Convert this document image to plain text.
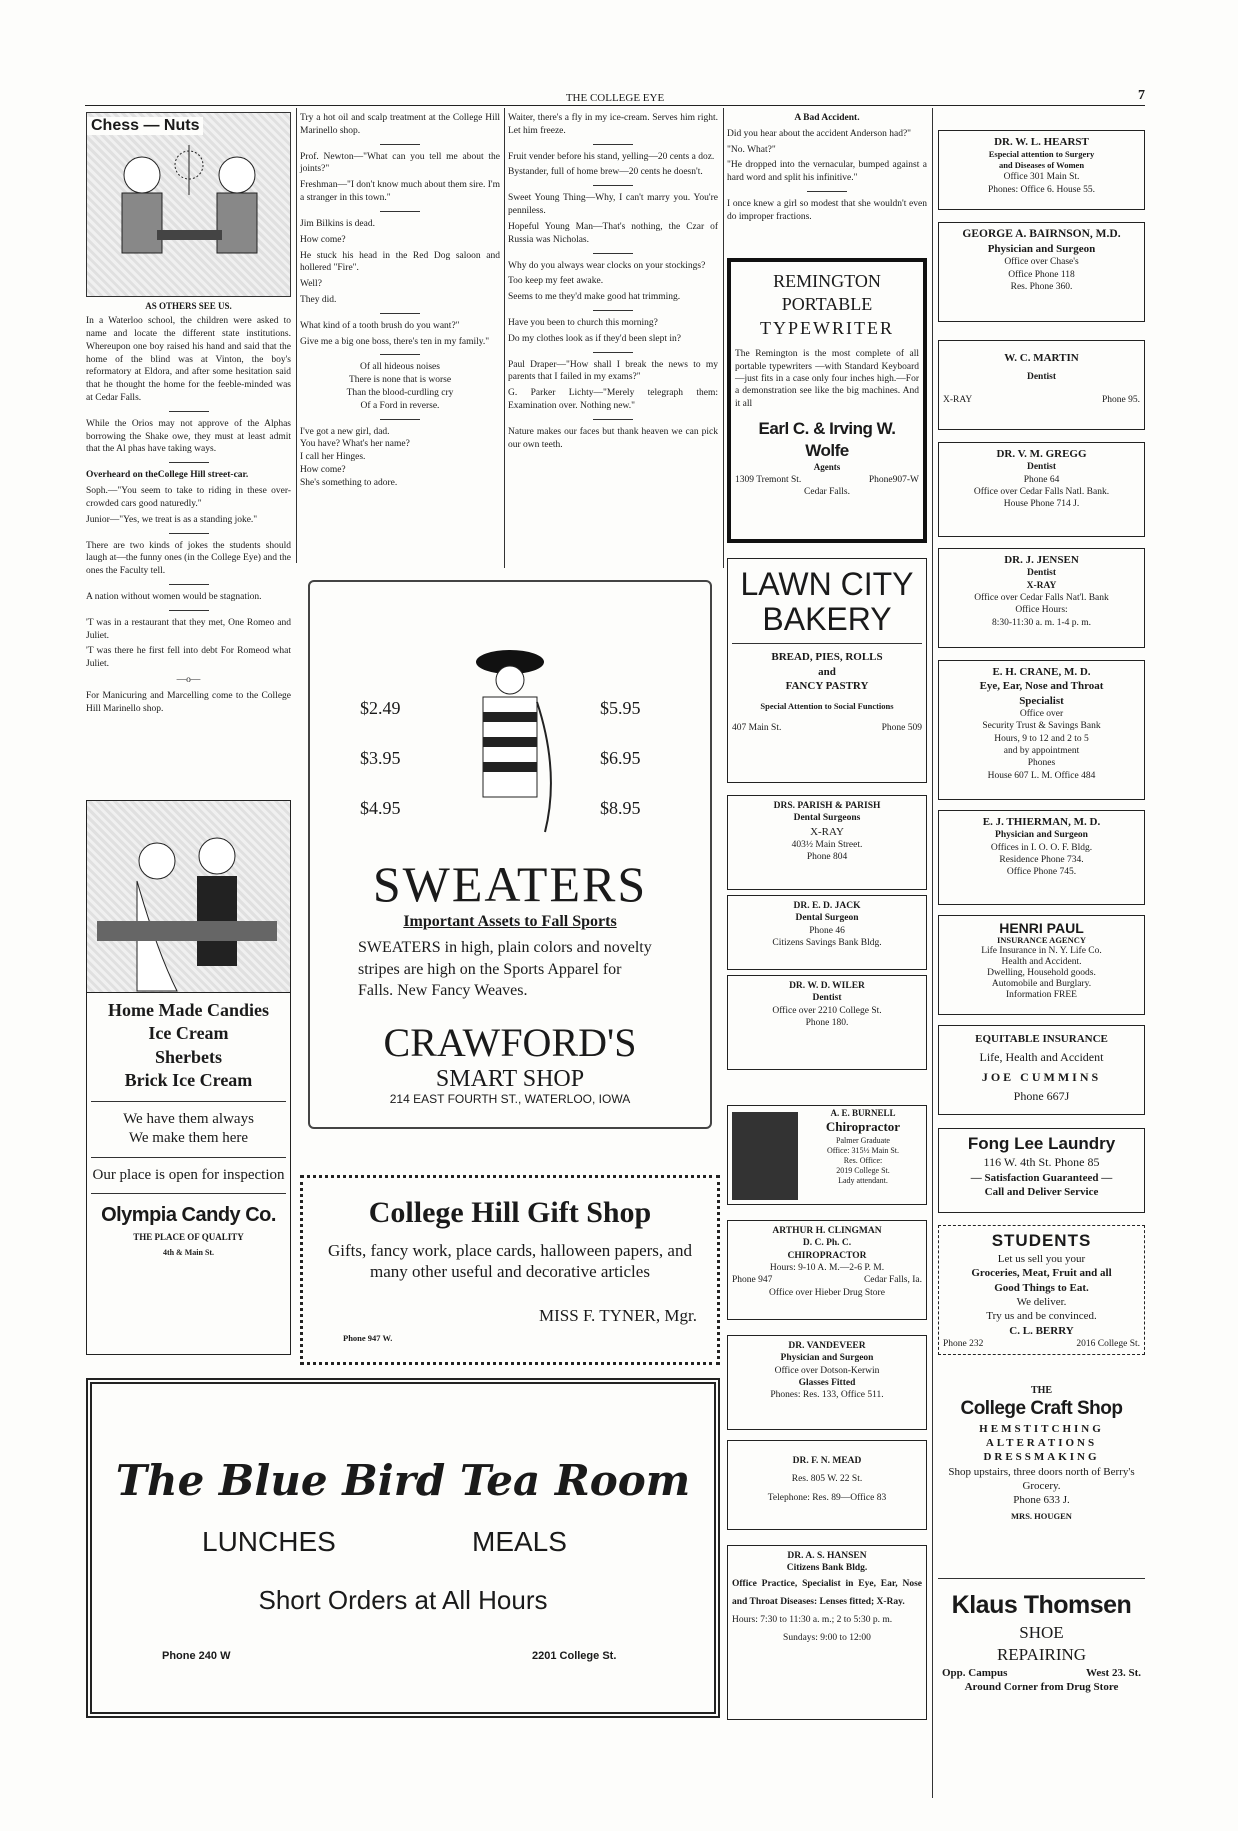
THE COLLEGE EYE	7
Chess — Nuts

AS OTHERS SEE US.

In a Waterloo school, the children were asked to name and locate the different state institutions. Whereupon one boy raised his hand and said that the home of the blind was at Vinton, the boy's reformatory at Eldora, and after some hesitation said that he thought the home for the feeble-minded was at Cedar Falls.

While the Orios may not approve of the Alphas borrowing the Shake owe, they must at least admit that the Al phas have taking ways.

Overheard on theCollege Hill street-car.

Soph.—"You seem to take to riding in these over-crowded cars good naturedly."

Junior—"Yes, we treat is as a standing joke."

There are two kinds of jokes the students should laugh at—the funny ones (in the College Eye) and the ones the Faculty tell.

A nation without women would be stagnation.

'T was in a restaurant that they met, One Romeo and Juliet.

'T was there he first fell into debt For Romeod what Juliet.

—o—

For Manicuring and Marcelling come to the College Hill Marinello shop.

Home Made Candies
Ice Cream
Sherbets
Brick Ice Cream
We have them always
We make them here
Our place is open for inspection
Olympia Candy Co.
THE PLACE OF QUALITY
4th & Main St.

Try a hot oil and scalp treatment at the College Hill Marinello shop.

Prof. Newton—"What can you tell me about the joints?"

Freshman—"I don't know much about them sire. I'm a stranger in this town."

Jim Bilkins is dead.

How come?

He stuck his head in the Red Dog saloon and hollered "Fire".

Well?

They did.

What kind of a tooth brush do you want?"

Give me a big one boss, there's ten in my family."

Of all hideous noises

There is none that is worse

Than the blood-curdling cry

Of a Ford in reverse.

I've got a new girl, dad.

You have? What's her name?

I call her Hinges.

How come?

She's something to adore.

Waiter, there's a fly in my ice-cream. Serves him right. Let him freeze.

Fruit vender before his stand, yelling—20 cents a doz.

Bystander, full of home brew—20 cents he doesn't.

Sweet Young Thing—Why, I can't marry you. You're penniless.

Hopeful Young Man—That's nothing, the Czar of Russia was Nicholas.

Why do you always wear clocks on your stockings?

Too keep my feet awake.

Seems to me they'd make good hat trimming.

Have you been to church this morning?

Do my clothes look as if they'd been slept in?

Paul Draper—"How shall I break the news to my parents that I failed in my exams?"

G. Parker Lichty—"Merely telegraph them: Examination over. Nothing new."

Nature makes our faces but thank heaven we can pick our own teeth.

A Bad Accident.

Did you hear about the accident Anderson had?"

"No. What?"

"He dropped into the vernacular, bumped against a hard word and split his infinitive."

I once knew a girl so modest that she wouldn't even do improper fractions.

REMINGTON
PORTABLE
TYPEWRITER

The Remington is the most complete of all portable typewriters —with Standard Keyboard—just fits in a case only four inches high.—For a demonstration see like the big machines. And it all

Earl C. & Irving W. Wolfe
Agents
1309 Tremont St.	Phone907-W
Cedar Falls.
$2.49	$5.95
$3.95	$6.95
$4.95	$8.95
SWEATERS
Important Assets to Fall Sports
SWEATERS in high, plain colors and novelty stripes are high on the Sports Apparel for Falls. New Fancy Weaves.
CRAWFORD'S
SMART SHOP
214 EAST FOURTH ST., WATERLOO, IOWA
LAWN CITY
BAKERY
BREAD, PIES, ROLLS
and
FANCY PASTRY
Special Attention to Social Functions
407 Main St.	Phone 509
DRS. PARISH & PARISH
Dental Surgeons
X-RAY
403½ Main Street.
Phone 804
DR. E. D. JACK
Dental Surgeon
Phone 46
Citizens Savings Bank Bldg.
DR. W. D. WILER
Dentist
Office over 2210 College St.
Phone 180.
A. E. BURNELL
Chiropractor
Palmer Graduate
Office: 315½ Main St.
Res. Office:
2019 College St.
Lady attendant.
ARTHUR H. CLINGMAN
D. C. Ph. C.
CHIROPRACTOR
Hours: 9-10 A. M.—2-6 P. M.
Phone 947	Cedar Falls, Ia.
Office over Hieber Drug Store
DR. VANDEVEER
Physician and Surgeon
Office over Dotson-Kerwin
Glasses Fitted
Phones: Res. 133, Office 511.
DR. F. N. MEAD
Res. 805 W. 22 St.
Telephone: Res. 89—Office 83
DR. A. S. HANSEN
Citizens Bank Bldg.
Office Practice, Specialist in Eye, Ear, Nose and Throat Diseases: Lenses fitted; X-Ray.
Hours: 7:30 to 11:30 a. m.; 2 to 5:30 p. m.
Sundays: 9:00 to 12:00
DR. W. L. HEARST
Especial attention to Surgery
and Diseases of Women
Office 301 Main St.
Phones: Office 6. House 55.
GEORGE A. BAIRNSON, M.D.
Physician and Surgeon
Office over Chase's
Office Phone 118
Res. Phone 360.
W. C. MARTIN
Dentist
X-RAY	Phone 95.
DR. V. M. GREGG
Dentist
Phone 64
Office over Cedar Falls Natl. Bank.
House Phone 714 J.
DR. J. JENSEN
Dentist
X-RAY
Office over Cedar Falls Nat'l. Bank
Office Hours:
8:30-11:30 a. m. 1-4 p. m.
E. H. CRANE, M. D.
Eye, Ear, Nose and Throat
Specialist
Office over
Security Trust & Savings Bank
Hours, 9 to 12 and 2 to 5
and by appointment
Phones
House 607 L. M. Office 484
E. J. THIERMAN, M. D.
Physician and Surgeon
Offices in I. O. O. F. Bldg.
Residence Phone 734.
Office Phone 745.
HENRI PAUL
INSURANCE AGENCY
Life Insurance in N. Y. Life Co.
Health and Accident.
Dwelling, Household goods.
Automobile and Burglary.
Information FREE
EQUITABLE INSURANCE
Life, Health and Accident
JOE CUMMINS
Phone 667J
Fong Lee Laundry
116 W. 4th St. Phone 85
— Satisfaction Guaranteed —
Call and Deliver Service
STUDENTS
Let us sell you your
Groceries, Meat, Fruit and all
Good Things to Eat.
We deliver.
Try us and be convinced.
C. L. BERRY
Phone 232	2016 College St.
THE
College Craft Shop
HEMSTITCHING
ALTERATIONS
DRESSMAKING
Shop upstairs, three doors north of Berry's Grocery.
Phone 633 J.
MRS. HOUGEN
Klaus Thomsen
SHOE
REPAIRING
Opp. Campus	West 23. St.
Around Corner from Drug Store
College Hill Gift Shop
Gifts, fancy work, place cards, halloween papers, and many other useful and decorative articles
MISS F. TYNER, Mgr.
Phone 947 W.
The Blue Bird Tea Room
LUNCHES	MEALS
Short Orders at All Hours
Phone 240 W	2201 College St.
